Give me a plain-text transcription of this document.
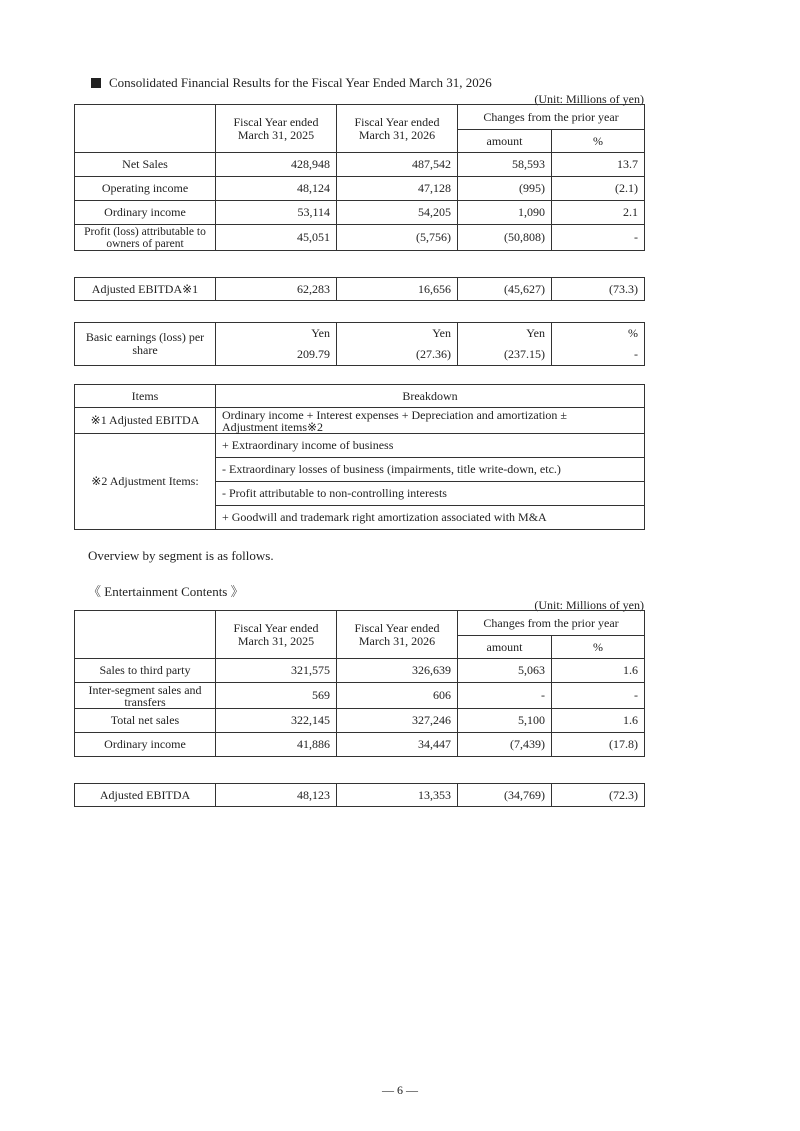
Consolidated Financial Results for the Fiscal Year Ended March 31, 2026
(Unit: Millions of yen)
	Fiscal Year ended
March 31, 2025	Fiscal Year ended
March 31, 2026	Changes from the prior year	
			amount	%
Net Sales	428,948	487,542	58,593	13.7
Operating income	48,124	47,128	(995)	(2.1)
Ordinary income	53,114	54,205	1,090	2.1
Profit (loss) attributable to owners of parent	45,051	(5,756)	(50,808)	-
Adjusted EBITDA※1	62,283	16,656	(45,627)	(73.3)
Basic earnings (loss) per share	Yen	Yen	Yen	%
	209.79	(27.36)	(237.15)	-
Items	Breakdown
※1 Adjusted EBITDA	Ordinary income + Interest expenses + Depreciation and amortization ±
Adjustment items※2
※2 Adjustment Items:	+ Extraordinary income of business
	- Extraordinary losses of business (impairments, title write-down, etc.)
	- Profit attributable to non-controlling interests
	+ Goodwill and trademark right amortization associated with M&A
Overview by segment is as follows.
《 Entertainment Contents 》
(Unit: Millions of yen)
	Fiscal Year ended
March 31, 2025	Fiscal Year ended
March 31, 2026	Changes from the prior year	
			amount	%
Sales to third party	321,575	326,639	5,063	1.6
Inter-segment sales and transfers	569	606	-	-
Total net sales	322,145	327,246	5,100	1.6
Ordinary income	41,886	34,447	(7,439)	(17.8)
Adjusted EBITDA	48,123	13,353	(34,769)	(72.3)
— 6 —
